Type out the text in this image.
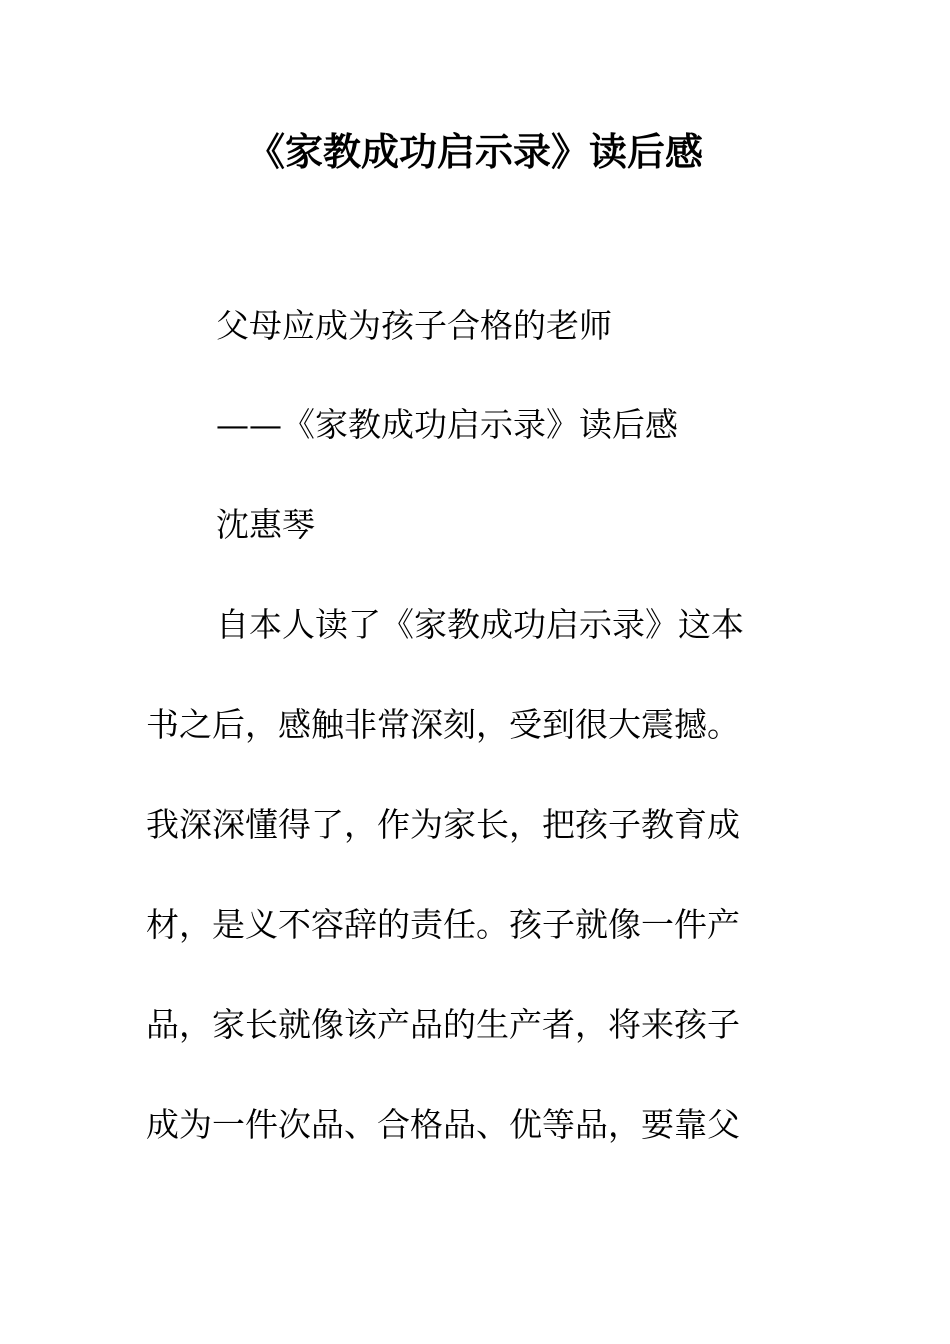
《家教成功启示录》读后感
父母应成为孩子合格的老师
——《家教成功启示录》读后感
沈惠琴
自本人读了《家教成功启示录》这本
书之后，感触非常深刻，受到很大震撼。
我深深懂得了，作为家长，把孩子教育成
材，是义不容辞的责任。孩子就像一件产
品，家长就像该产品的生产者，将来孩子
成为一件次品、合格品、优等品，要靠父
